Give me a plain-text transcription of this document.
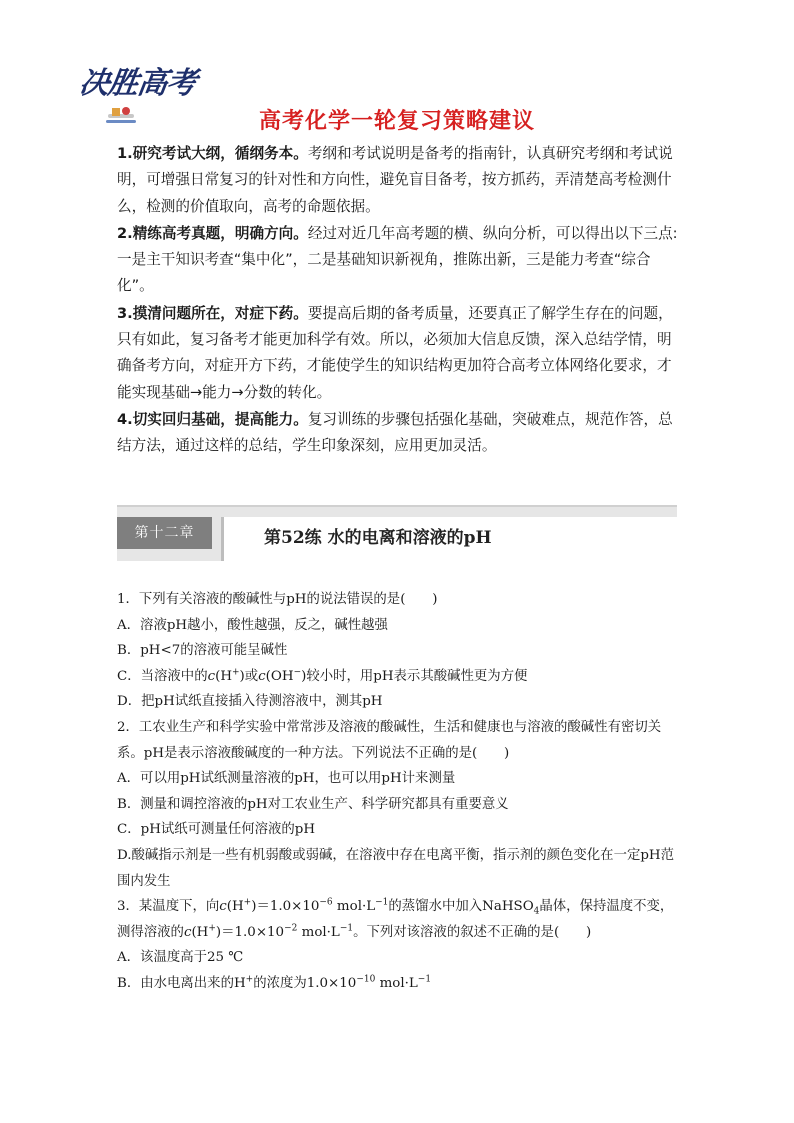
决胜高考
高考化学一轮复习策略建议

1.研究考试大纲，循纲务本。考纲和考试说明是备考的指南针，认真研究考纲和考试说明，可增强日常复习的针对性和方向性，避免盲目备考，按方抓药，弄清楚高考检测什么，检测的价值取向，高考的命题依据。

2.精练高考真题，明确方向。经过对近几年高考题的横、纵向分析，可以得出以下三点:一是主干知识考查“集中化”，二是基础知识新视角，推陈出新，三是能力考查“综合化”。

3.摸清问题所在，对症下药。要提高后期的备考质量，还要真正了解学生存在的问题，只有如此，复习备考才能更加科学有效。所以，必须加大信息反馈，深入总结学情，明确备考方向，对症开方下药，才能使学生的知识结构更加符合高考立体网络化要求，才能实现基础→能力→分数的转化。

4.切实回归基础，提高能力。复习训练的步骤包括强化基础，突破难点，规范作答，总结方法，通过这样的总结，学生印象深刻，应用更加灵活。

第十二章	第52练 水的电离和溶液的pH

1．下列有关溶液的酸碱性与pH的说法错误的是(　　)

A．溶液pH越小，酸性越强，反之，碱性越强

B．pH<7的溶液可能呈碱性

C．当溶液中的c(H+)或c(OH−)较小时，用pH表示其酸碱性更为方便

D．把pH试纸直接插入待测溶液中，测其pH

2．工农业生产和科学实验中常常涉及溶液的酸碱性，生活和健康也与溶液的酸碱性有密切关系。pH是表示溶液酸碱度的一种方法。下列说法不正确的是(　　)

A．可以用pH试纸测量溶液的pH，也可以用pH计来测量

B．测量和调控溶液的pH对工农业生产、科学研究都具有重要意义

C．pH试纸可测量任何溶液的pH

D.酸碱指示剂是一些有机弱酸或弱碱，在溶液中存在电离平衡，指示剂的颜色变化在一定pH范围内发生

3．某温度下，向$c(H^+)=1.0\times 10^{-6}$ $mol\cdot L^{-1}$的蒸馏水中加入NaHSO$_4$晶体，保持温度不变，测得溶液的$c(H^+)=1.0\times 10^{-2}$ $mol\cdot L^{-1}$。下列对该溶液的叙述不正确的是(　　)

A．该温度高于25 ℃

B．由水电离出来的H+的浓度为$1.0\times 10^{-10}$ $mol\cdot L^{-1}$
